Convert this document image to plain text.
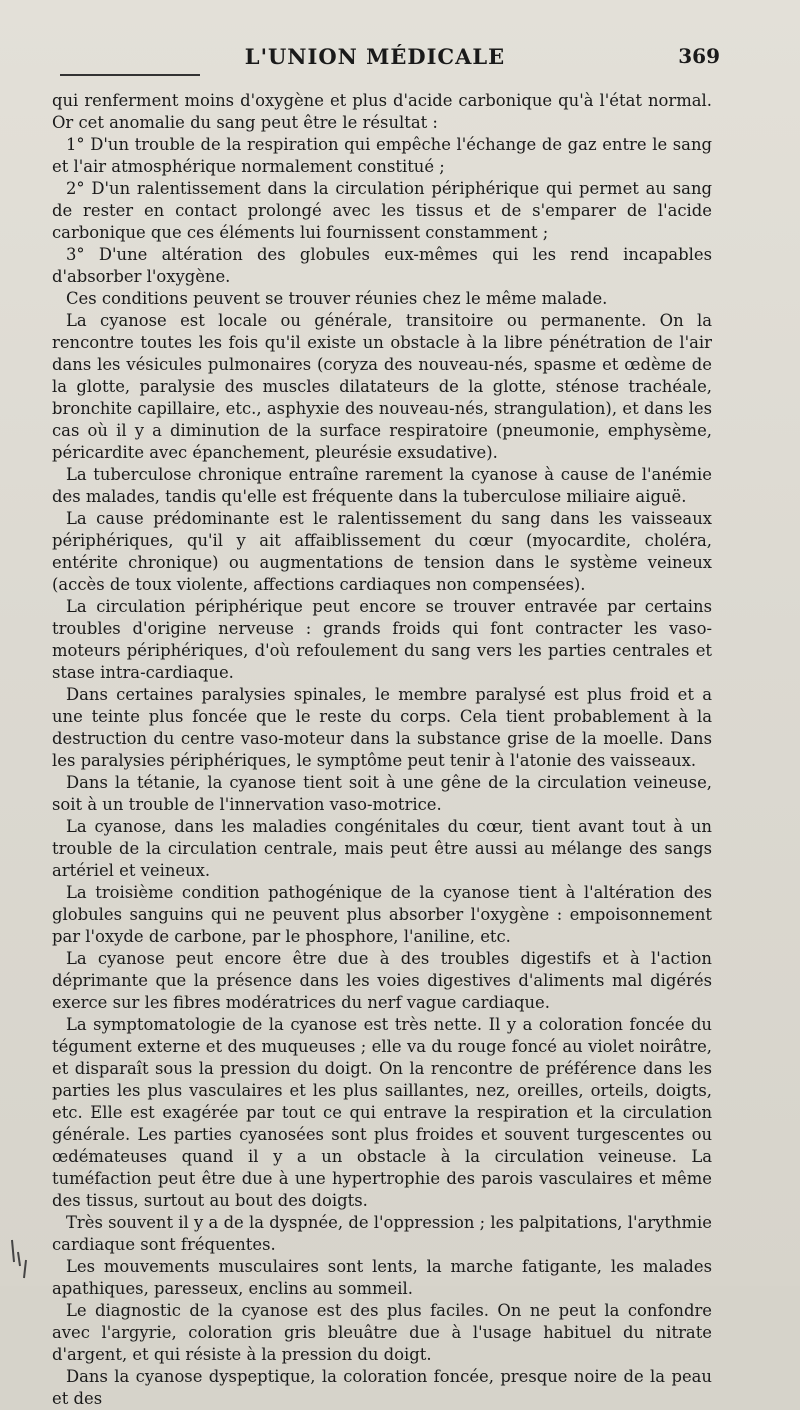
L'UNION MÉDICALE	369

qui renferment moins d'oxygène et plus d'acide carbonique qu'à l'état normal. Or cet anomalie du sang peut être le résultat :

1° D'un trouble de la respiration qui empêche l'échange de gaz entre le sang et l'air atmosphérique normalement constitué ;

2° D'un ralentissement dans la circulation périphérique qui permet au sang de rester en contact prolongé avec les tissus et de s'emparer de l'acide carbonique que ces éléments lui fournissent constamment ;

3° D'une altération des globules eux-mêmes qui les rend incapables d'absorber l'oxygène.

Ces conditions peuvent se trouver réunies chez le même malade.

La cyanose est locale ou générale, transitoire ou permanente. On la rencontre toutes les fois qu'il existe un obstacle à la libre pénétration de l'air dans les vésicules pulmonaires (coryza des nouveau-nés, spasme et œdème de la glotte, paralysie des muscles dilatateurs de la glotte, sténose trachéale, bronchite capillaire, etc., asphyxie des nouveau-nés, strangulation), et dans les cas où il y a diminution de la surface respiratoire (pneumonie, emphysème, péricardite avec épanchement, pleurésie exsudative).

La tuberculose chronique entraîne rarement la cyanose à cause de l'anémie des malades, tandis qu'elle est fréquente dans la tuberculose miliaire aiguë.

La cause prédominante est le ralentissement du sang dans les vaisseaux périphériques, qu'il y ait affaiblissement du cœur (myocardite, choléra, entérite chronique) ou augmentations de tension dans le système veineux (accès de toux violente, affections cardiaques non compensées).

La circulation périphérique peut encore se trouver entravée par certains troubles d'origine nerveuse : grands froids qui font contracter les vaso-moteurs périphériques, d'où refoulement du sang vers les parties centrales et stase intra-cardiaque.

Dans certaines paralysies spinales, le membre paralysé est plus froid et a une teinte plus foncée que le reste du corps. Cela tient probablement à la destruction du centre vaso-moteur dans la substance grise de la moelle. Dans les paralysies périphériques, le symptôme peut tenir à l'atonie des vaisseaux.

Dans la tétanie, la cyanose tient soit à une gêne de la circulation veineuse, soit à un trouble de l'innervation vaso-motrice.

La cyanose, dans les maladies congénitales du cœur, tient avant tout à un trouble de la circulation centrale, mais peut être aussi au mélange des sangs artériel et veineux.

La troisième condition pathogénique de la cyanose tient à l'altération des globules sanguins qui ne peuvent plus absorber l'oxygène : empoisonnement par l'oxyde de carbone, par le phosphore, l'aniline, etc.

La cyanose peut encore être due à des troubles digestifs et à l'action déprimante que la présence dans les voies digestives d'aliments mal digérés exerce sur les fibres modératrices du nerf vague cardiaque.

La symptomatologie de la cyanose est très nette. Il y a coloration foncée du tégument externe et des muqueuses ; elle va du rouge foncé au violet noirâtre, et disparaît sous la pression du doigt. On la rencontre de préférence dans les parties les plus vasculaires et les plus saillantes, nez, oreilles, orteils, doigts, etc. Elle est exagérée par tout ce qui entrave la respiration et la circulation générale. Les parties cyanosées sont plus froides et souvent turgescentes ou œdémateuses quand il y a un obstacle à la circulation veineuse. La tuméfaction peut être due à une hypertrophie des parois vasculaires et même des tissus, surtout au bout des doigts.

Très souvent il y a de la dyspnée, de l'oppression ; les palpitations, l'arythmie cardiaque sont fréquentes.

Les mouvements musculaires sont lents, la marche fatigante, les malades apathiques, paresseux, enclins au sommeil.

Le diagnostic de la cyanose est des plus faciles. On ne peut la confondre avec l'argyrie, coloration gris bleuâtre due à l'usage habituel du nitrate d'argent, et qui résiste à la pression du doigt.

Dans la cyanose dyspeptique, la coloration foncée, presque noire de la peau et des
